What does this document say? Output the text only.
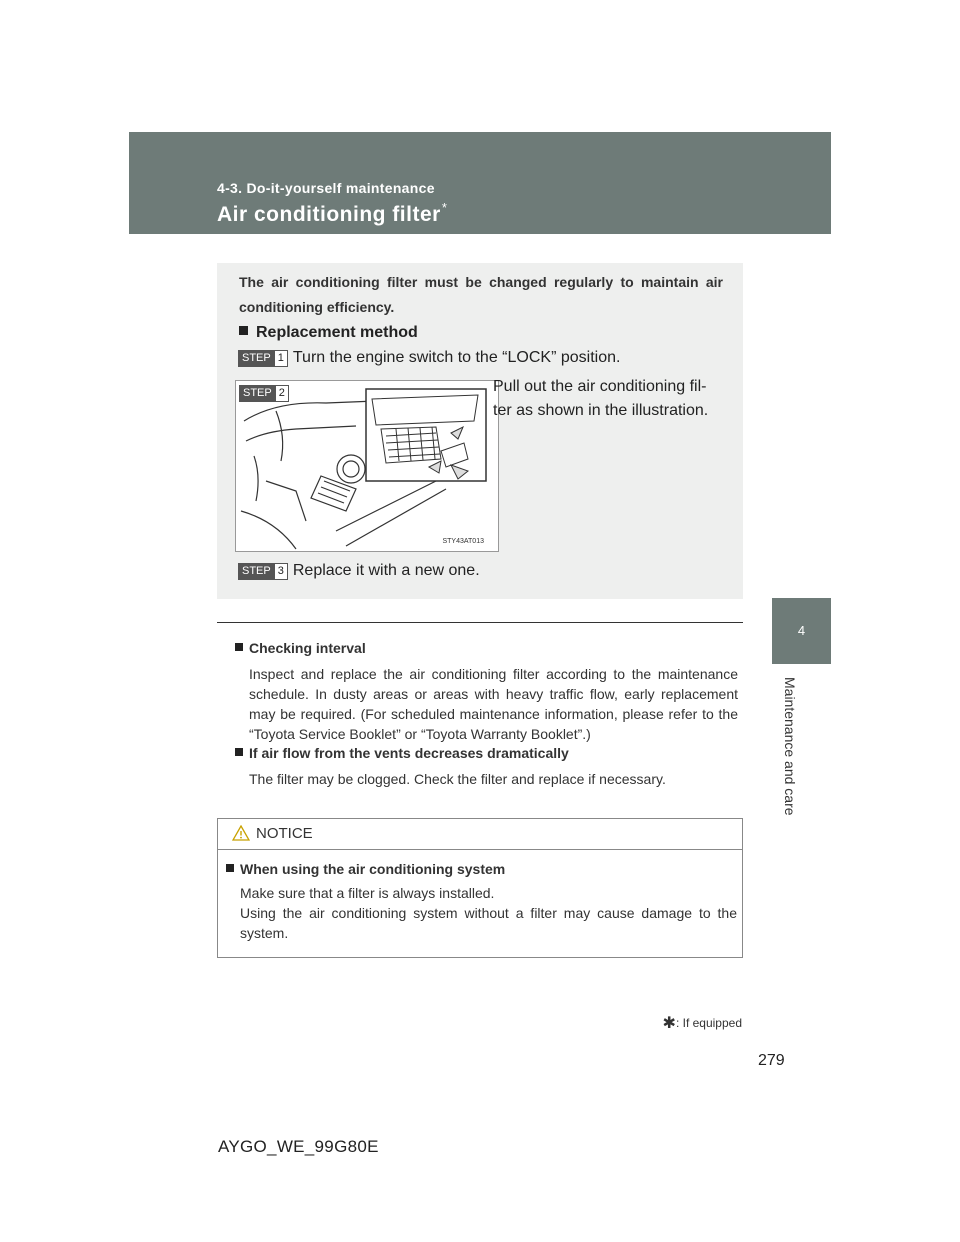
4-3. Do-it-yourself maintenance
Air conditioning filter*
4
Maintenance and care
The air conditioning filter must be changed regularly to maintain air conditioning efficiency.
Replacement method
STEP 1 Turn the engine switch to the “LOCK” position.
STEP 2
STY43AT013
Pull out the air conditioning fil-ter as shown in the illustration.
STEP 3 Replace it with a new one.
Checking interval
Inspect and replace the air conditioning filter according to the maintenance schedule. In dusty areas or areas with heavy traffic flow, early replacement may be required. (For scheduled maintenance information, please refer to the “Toyota Service Booklet” or “Toyota Warranty Booklet”.)
If air flow from the vents decreases dramatically
The filter may be clogged. Check the filter and replace if necessary.
NOTICE
When using the air conditioning system
Make sure that a filter is always installed.
Using the air conditioning system without a filter may cause damage to the system.
✱: If equipped
279
AYGO_WE_99G80E
